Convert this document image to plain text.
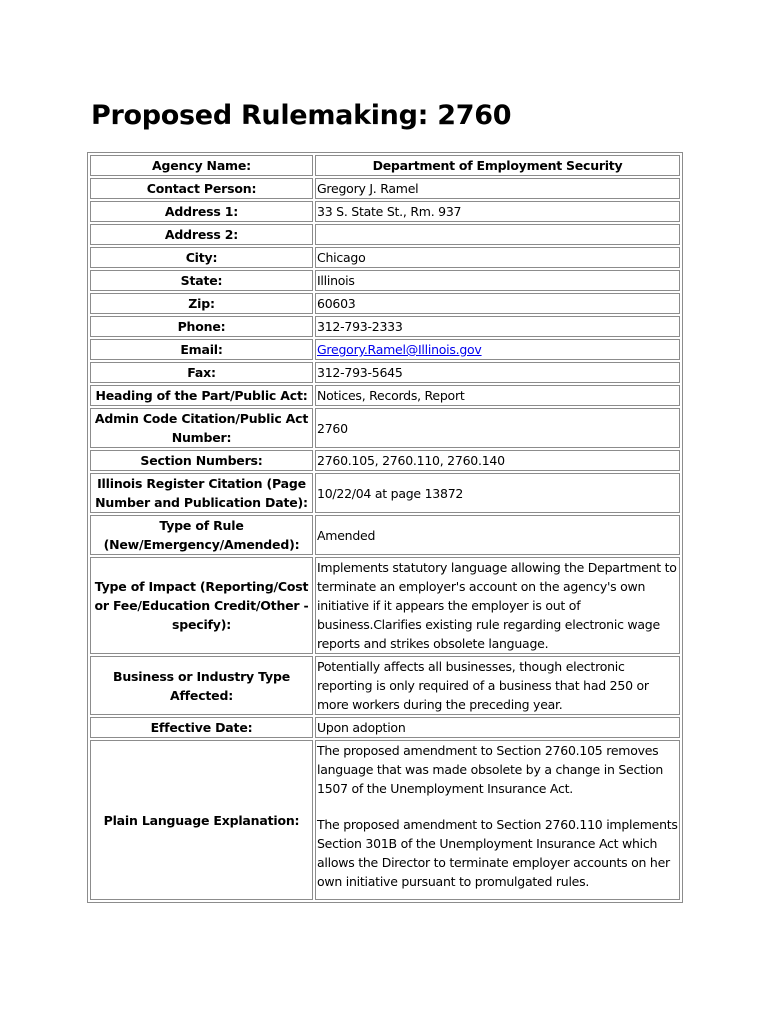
Proposed Rulemaking: 2760
Agency Name:	Department of Employment Security
Contact Person:	Gregory J. Ramel
Address 1:	33 S. State St., Rm. 937
Address 2:	
City:	Chicago
State:	Illinois
Zip:	60603
Phone:	312-793-2333
Email:	Gregory.Ramel@Illinois.gov
Fax:	312-793-5645
Heading of the Part/Public Act:	Notices, Records, Report
Admin Code Citation/Public Act Number:	2760
Section Numbers:	2760.105, 2760.110, 2760.140
Illinois Register Citation (Page Number and Publication Date):	10/22/04 at page 13872
Type of Rule (New/Emergency/Amended):	Amended
Type of Impact (Reporting/Cost or Fee/Education Credit/Other - specify):	Implements statutory language allowing the Department to terminate an employer's account on the agency's own initiative if it appears the employer is out of business.Clarifies existing rule regarding electronic wage reports and strikes obsolete language.
Business or Industry Type Affected:	Potentially affects all businesses, though electronic reporting is only required of a business that had 250 or more workers during the preceding year.
Effective Date:	Upon adoption
Plain Language Explanation:	The proposed amendment to Section 2760.105 removes language that was made obsolete by a change in Section 1507 of the Unemployment Insurance Act.
The proposed amendment to Section 2760.110 implements Section 301B of the Unemployment Insurance Act which allows the Director to terminate employer accounts on her own initiative pursuant to promulgated rules.
